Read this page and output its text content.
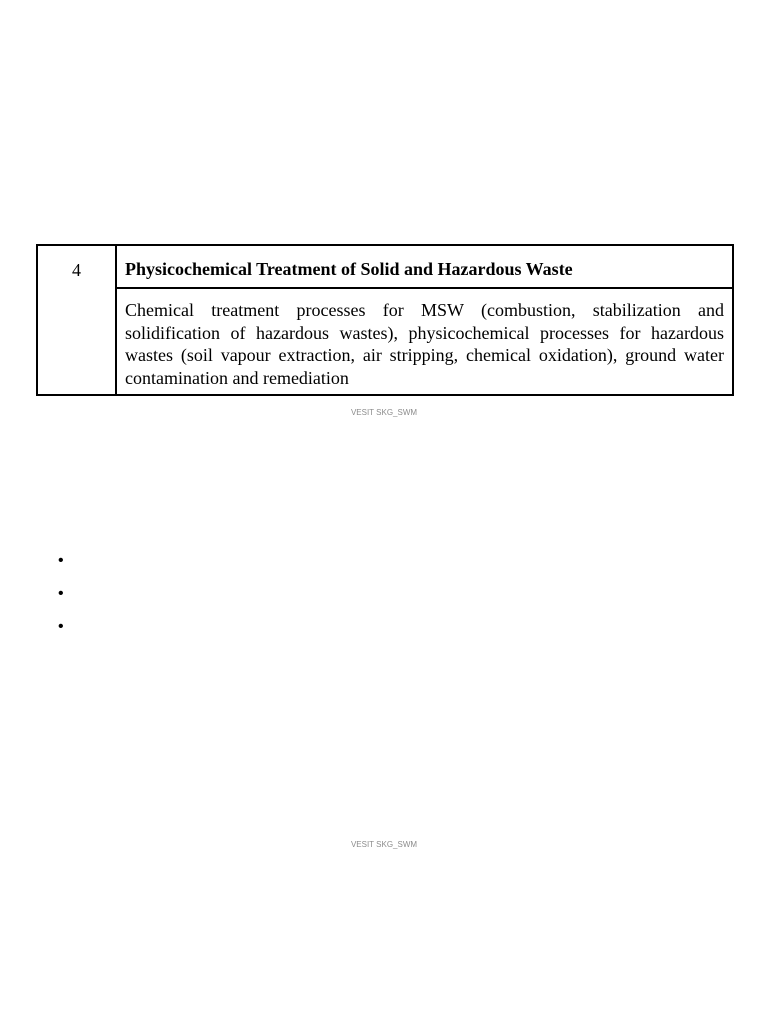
4	Physicochemical Treatment of Solid and Hazardous Waste
Chemical treatment processes for MSW (combustion, stabilization and solidification of hazardous wastes), physicochemical processes for hazardous wastes (soil vapour extraction, air stripping, chemical oxidation), ground water contamination and remediation
VESIT SKG_SWM
•
•
•
VESIT SKG_SWM
